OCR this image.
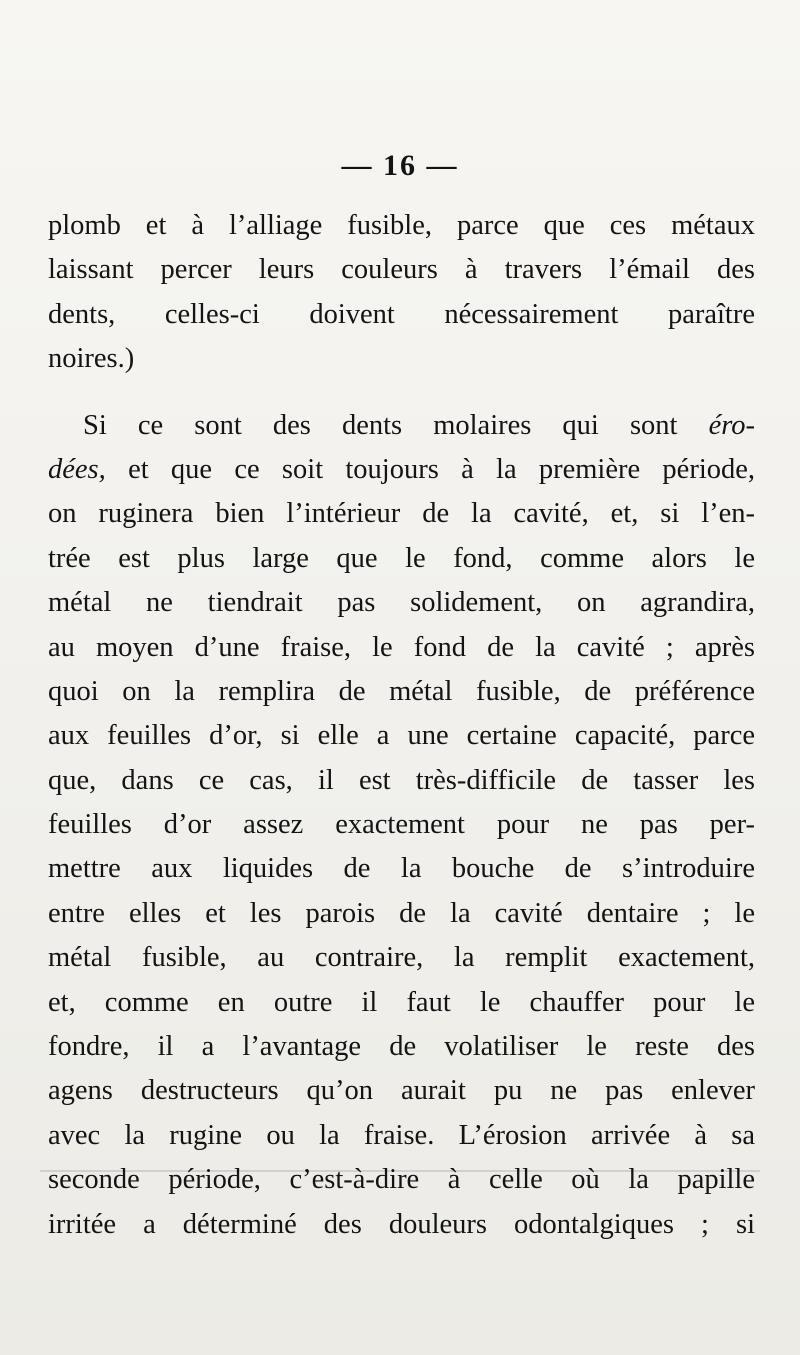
— 16 —
plomb et à l’alliage fusible, parce que ces métaux
laissant percer leurs couleurs à travers l’émail des
dents, celles-ci doivent nécessairement paraître
noires.)
Si ce sont des dents molaires qui sont éro-
dées, et que ce soit toujours à la première période,
on ruginera bien l’intérieur de la cavité, et, si l’en-
trée est plus large que le fond, comme alors le
métal ne tiendrait pas solidement, on agrandira,
au moyen d’une fraise, le fond de la cavité ; après
quoi on la remplira de métal fusible, de préférence
aux feuilles d’or, si elle a une certaine capacité, parce
que, dans ce cas, il est très-difficile de tasser les
feuilles d’or assez exactement pour ne pas per-
mettre aux liquides de la bouche de s’introduire
entre elles et les parois de la cavité dentaire ; le
métal fusible, au contraire, la remplit exactement,
et, comme en outre il faut le chauffer pour le
fondre, il a l’avantage de volatiliser le reste des
agens destructeurs qu’on aurait pu ne pas enlever
avec la rugine ou la fraise. L’érosion arrivée à sa
seconde période, c’est-à-dire à celle où la papille
irritée a déterminé des douleurs odontalgiques ; si
